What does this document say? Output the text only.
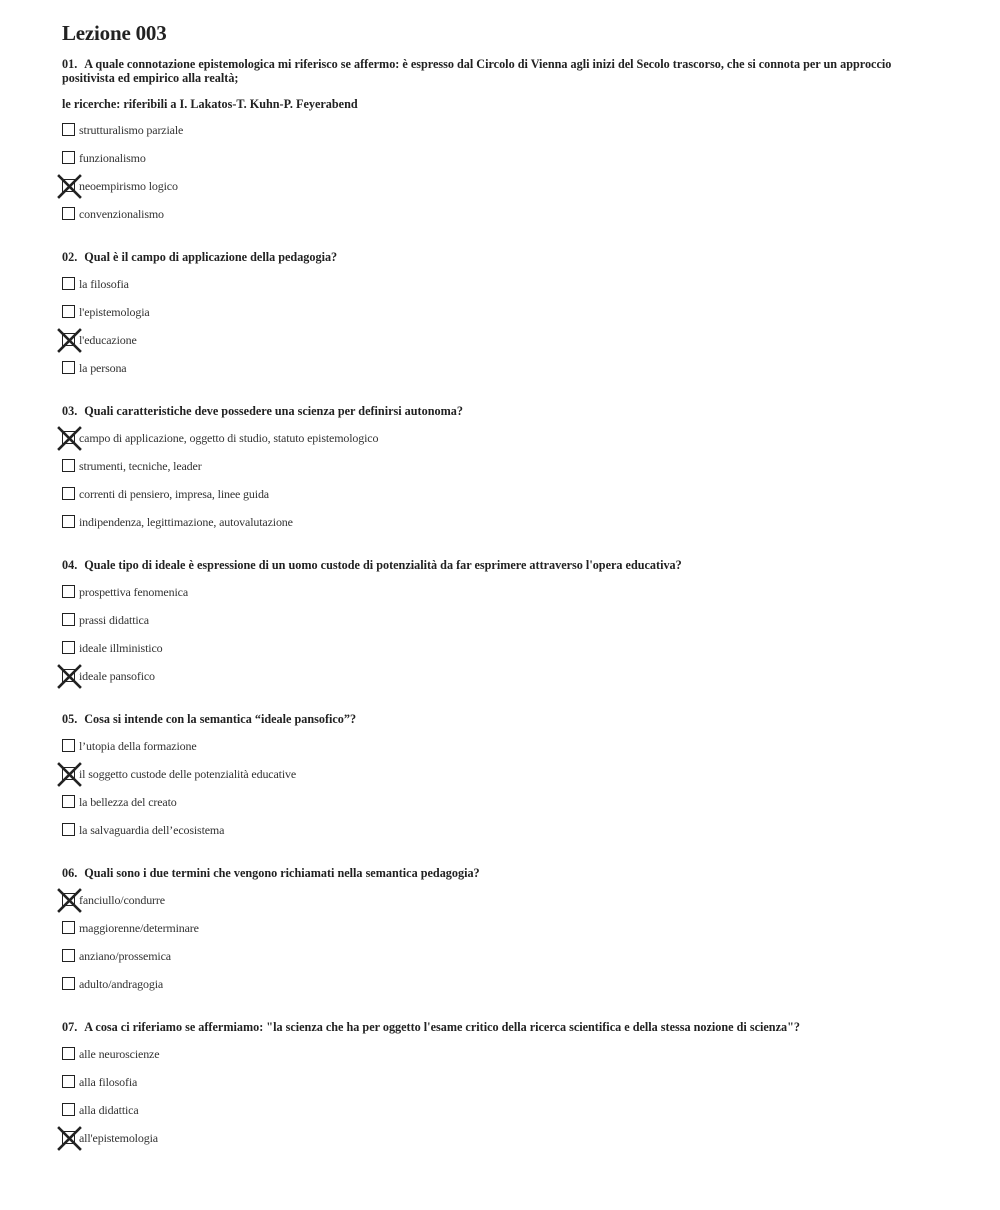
Lezione 003
01. A quale connotazione epistemologica mi riferisco se affermo: è espresso dal Circolo di Vienna agli inizi del Secolo trascorso, che si connota per un approccio positivista ed empirico alla realtà;
le ricerche: riferibili a I. Lakatos-T. Kuhn-P. Feyerabend
strutturalismo parziale
funzionalismo
neoempirismo logico
convenzionalismo
02. Qual è il campo di applicazione della pedagogia?
la filosofia
l'epistemologia
l'educazione
la persona
03. Quali caratteristiche deve possedere una scienza per definirsi autonoma?
campo di applicazione, oggetto di studio, statuto epistemologico
strumenti, tecniche, leader
correnti di pensiero, impresa, linee guida
indipendenza, legittimazione, autovalutazione
04. Quale tipo di ideale è espressione di un uomo custode di potenzialità da far esprimere attraverso l'opera educativa?
prospettiva fenomenica
prassi didattica
ideale illministico
ideale pansofico
05. Cosa si intende con la semantica “ideale pansofico”?
l’utopia della formazione
il soggetto custode delle potenzialità educative
la bellezza del creato
la salvaguardia dell’ecosistema
06. Quali sono i due termini che vengono richiamati nella semantica pedagogia?
fanciullo/condurre
maggiorenne/determinare
anziano/prossemica
adulto/andragogia
07. A cosa ci riferiamo se affermiamo: "la scienza che ha per oggetto l'esame critico della ricerca scientifica e della stessa nozione di scienza"?
alle neuroscienze
alla filosofia
alla didattica
all'epistemologia
